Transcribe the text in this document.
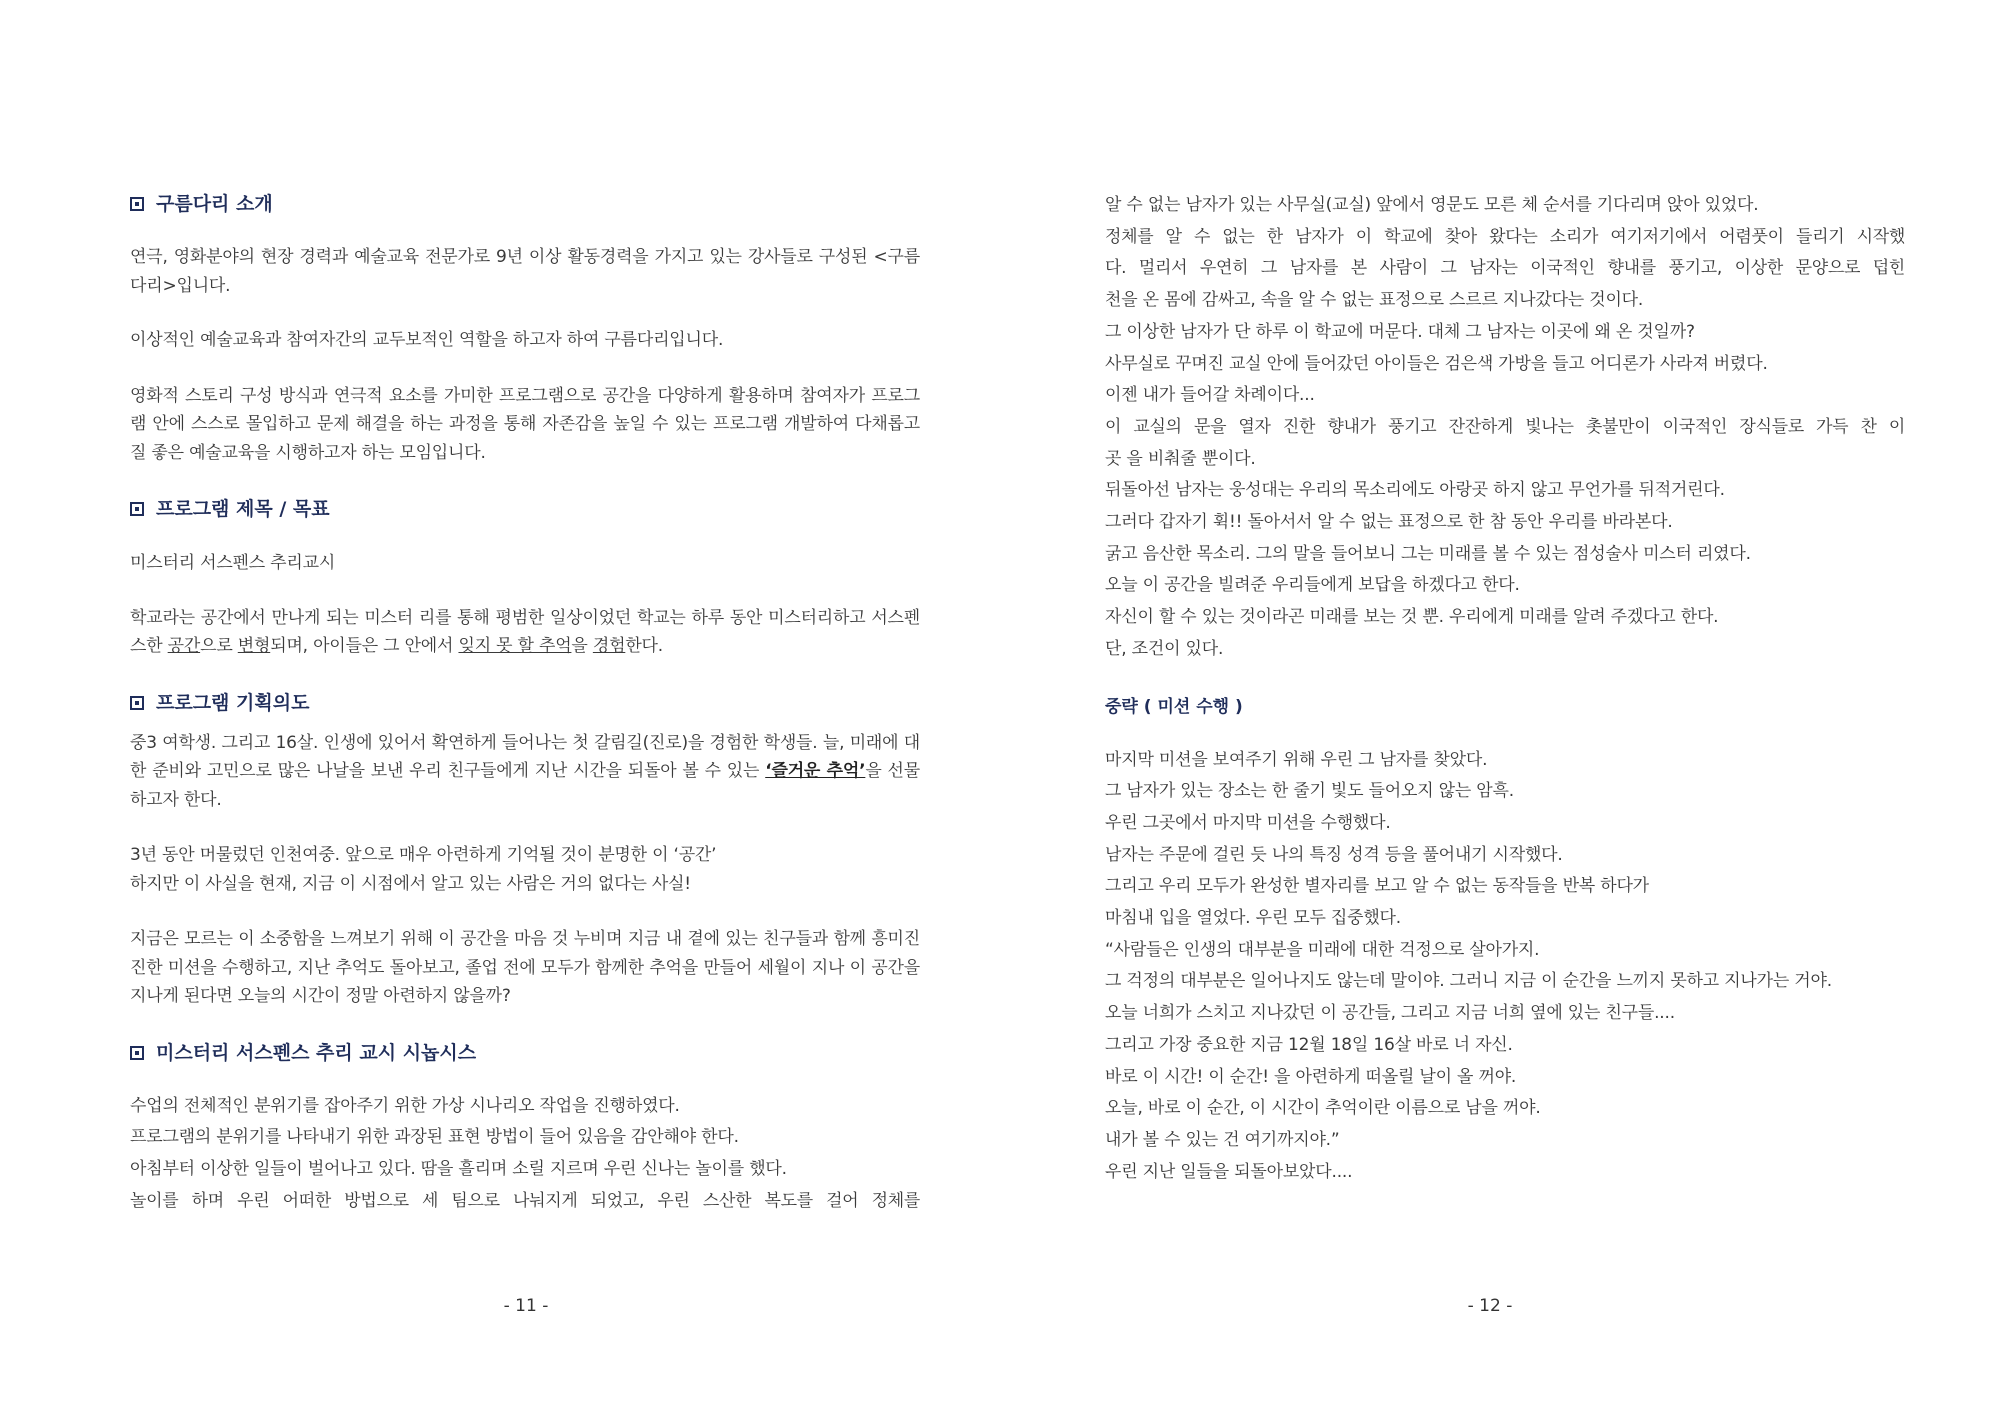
구름다리 소개

연극, 영화분야의 현장 경력과 예술교육 전문가로 9년 이상 활동경력을 가지고 있는 강사들로 구성된 <구름다리>입니다.

이상적인 예술교육과 참여자간의 교두보적인 역할을 하고자 하여 구름다리입니다.

영화적 스토리 구성 방식과 연극적 요소를 가미한 프로그램으로 공간을 다양하게 활용하며 참여자가 프로그램 안에 스스로 몰입하고 문제 해결을 하는 과정을 통해 자존감을 높일 수 있는 프로그램 개발하여 다채롭고 질 좋은 예술교육을 시행하고자 하는 모임입니다.

프로그램 제목 / 목표

미스터리 서스펜스 추리교시

학교라는 공간에서 만나게 되는 미스터 리를 통해 평범한 일상이었던 학교는 하루 동안 미스터리하고 서스펜스한 공간으로 변형되며, 아이들은 그 안에서 잊지 못 할 추억을 경험한다.

프로그램 기획의도

중3 여학생. 그리고 16살. 인생에 있어서 확연하게 들어나는 첫 갈림길(진로)을 경험한 학생들. 늘, 미래에 대한 준비와 고민으로 많은 나날을 보낸 우리 친구들에게 지난 시간을 되돌아 볼 수 있는 ‘즐거운 추억’을 선물하고자 한다.

3년 동안 머물렀던 인천여중. 앞으로 매우 아련하게 기억될 것이 분명한 이 ‘공간’

하지만 이 사실을 현재, 지금 이 시점에서 알고 있는 사람은 거의 없다는 사실!

지금은 모르는 이 소중함을 느껴보기 위해 이 공간을 마음 것 누비며 지금 내 곁에 있는 친구들과 함께 흥미진진한 미션을 수행하고, 지난 추억도 돌아보고, 졸업 전에 모두가 함께한 추억을 만들어 세월이 지나 이 공간을 지나게 된다면 오늘의 시간이 정말 아련하지 않을까?

미스터리 서스펜스 추리 교시 시놉시스

수업의 전체적인 분위기를 잡아주기 위한 가상 시나리오 작업을 진행하였다.

프로그램의 분위기를 나타내기 위한 과장된 표현 방법이 들어 있음을 감안해야 한다.

아침부터 이상한 일들이 벌어나고 있다. 땀을 흘리며 소릴 지르며 우린 신나는 놀이를 했다.

놀이를 하며 우린 어떠한 방법으로 세 팀으로 나눠지게 되었고, 우린 스산한 복도를 걸어 정체를

- 11 -

알 수 없는 남자가 있는 사무실(교실) 앞에서 영문도 모른 체 순서를 기다리며 앉아 있었다.

정체를 알 수 없는 한 남자가 이 학교에 찾아 왔다는 소리가 여기저기에서 어렴풋이 들리기 시작했

다. 멀리서 우연히 그 남자를 본 사람이 그 남자는 이국적인 향내를 풍기고, 이상한 문양으로 덥힌

천을 온 몸에 감싸고, 속을 알 수 없는 표정으로 스르르 지나갔다는 것이다.

그 이상한 남자가 단 하루 이 학교에 머문다. 대체 그 남자는 이곳에 왜 온 것일까?

사무실로 꾸며진 교실 안에 들어갔던 아이들은 검은색 가방을 들고 어디론가 사라져 버렸다.

이젠 내가 들어갈 차례이다...

이 교실의 문을 열자 진한 향내가 풍기고 잔잔하게 빛나는 촛불만이 이국적인 장식들로 가득 찬 이

곳 을 비춰줄 뿐이다.

뒤돌아선 남자는 웅성대는 우리의 목소리에도 아랑곳 하지 않고 무언가를 뒤적거린다.

그러다 갑자기 휙!! 돌아서서 알 수 없는 표정으로 한 참 동안 우리를 바라본다.

굵고 음산한 목소리. 그의 말을 들어보니 그는 미래를 볼 수 있는 점성술사 미스터 리였다.

오늘 이 공간을 빌려준 우리들에게 보답을 하겠다고 한다.

자신이 할 수 있는 것이라곤 미래를 보는 것 뿐. 우리에게 미래를 알려 주겠다고 한다.

단, 조건이 있다.

중략 ( 미션 수행 )

마지막 미션을 보여주기 위해 우린 그 남자를 찾았다.

그 남자가 있는 장소는 한 줄기 빛도 들어오지 않는 암흑.

우린 그곳에서 마지막 미션을 수행했다.

남자는 주문에 걸린 듯 나의 특징 성격 등을 풀어내기 시작했다.

그리고 우리 모두가 완성한 별자리를 보고 알 수 없는 동작들을 반복 하다가

마침내 입을 열었다. 우린 모두 집중했다.

“사람들은 인생의 대부분을 미래에 대한 걱정으로 살아가지.

그 걱정의 대부분은 일어나지도 않는데 말이야. 그러니 지금 이 순간을 느끼지 못하고 지나가는 거야.

오늘 너희가 스치고 지나갔던 이 공간들, 그리고 지금 너희 옆에 있는 친구들....

그리고 가장 중요한 지금 12월 18일 16살 바로 너 자신.

바로 이 시간! 이 순간! 을 아련하게 떠올릴 날이 올 꺼야.

오늘, 바로 이 순간, 이 시간이 추억이란 이름으로 남을 꺼야.

내가 볼 수 있는 건 여기까지야.”

우린 지난 일들을 되돌아보았다....

- 12 -
